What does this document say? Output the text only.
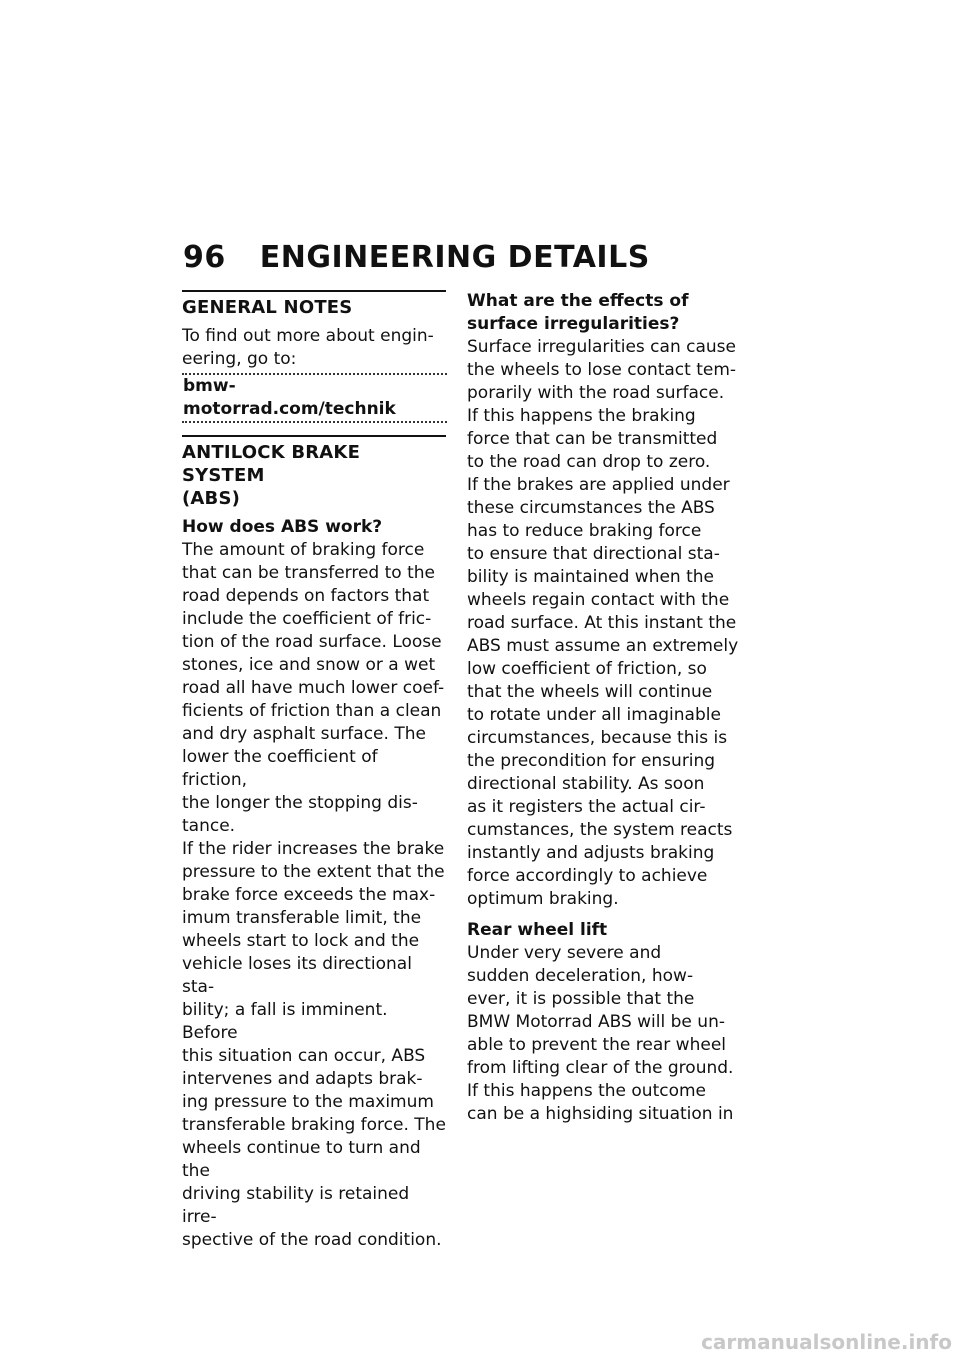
96 ENGINEERING DETAILS
GENERAL NOTES
To find out more about engin-
eering, go to:
bmw-motorrad.com/technik
ANTILOCK BRAKE SYSTEM
(ABS)
How does ABS work?
The amount of braking force
that can be transferred to the
road depends on factors that
include the coefficient of fric-
tion of the road surface. Loose
stones, ice and snow or a wet
road all have much lower coef-
ficients of friction than a clean
and dry asphalt surface. The
lower the coefficient of friction,
the longer the stopping dis-
tance.
If the rider increases the brake
pressure to the extent that the
brake force exceeds the max-
imum transferable limit, the
wheels start to lock and the
vehicle loses its directional sta-
bility; a fall is imminent. Before
this situation can occur, ABS
intervenes and adapts brak-
ing pressure to the maximum
transferable braking force. The
wheels continue to turn and the
driving stability is retained irre-
spective of the road condition.
What are the effects of
surface irregularities?
Surface irregularities can cause
the wheels to lose contact tem-
porarily with the road surface.
If this happens the braking
force that can be transmitted
to the road can drop to zero.
If the brakes are applied under
these circumstances the ABS
has to reduce braking force
to ensure that directional sta-
bility is maintained when the
wheels regain contact with the
road surface. At this instant the
ABS must assume an extremely
low coefficient of friction, so
that the wheels will continue
to rotate under all imaginable
circumstances, because this is
the precondition for ensuring
directional stability. As soon
as it registers the actual cir-
cumstances, the system reacts
instantly and adjusts braking
force accordingly to achieve
optimum braking.
Rear wheel lift
Under very severe and
sudden deceleration, how-
ever, it is possible that the
BMW Motorrad ABS will be un-
able to prevent the rear wheel
from lifting clear of the ground.
If this happens the outcome
can be a highsiding situation in
carmanualsonline.info
